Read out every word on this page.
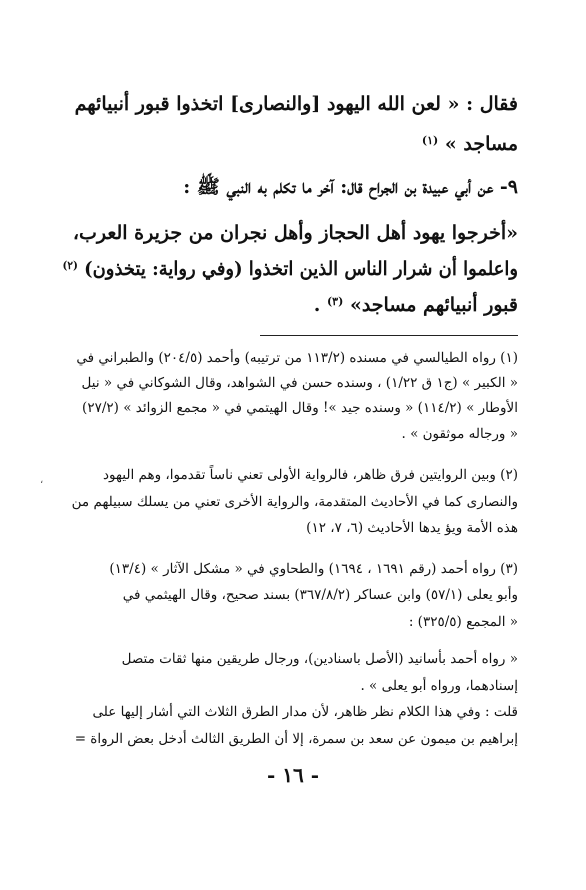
فقال : « لعن الله اليهود [والنصارى] اتخذوا قبور أنبيائهم
مساجد » $^{(١)}$
٩- عن أبي عبيدة بن الجراح قال: آخر ما تكلم به النبي ﷺ :
«أخرجوا يهود أهل الحجاز وأهل نجران من جزيرة العرب،
واعلموا أن شرار الناس الذين اتخذوا (وفي رواية: يتخذون) $^{(٢)}$
قبور أنبيائهم مساجد» $^{(٣)}$ .
(١) رواه الطيالسي في مسنده (١١٣/٢ من ترتيبه) وأحمد (٢٠٤/٥) والطبراني في
« الكبير » (ج١ ق ١/٢٢) ، وسنده حسن في الشواهد، وقال الشوكاني في « نيل
الأوطار » (١١٤/٢) « وسنده جيد »! وقال الهيتمي في « مجمع الزوائد » (٢٧/٢)
« ورجاله موثقون » .
(٢) وبين الروايتين فرق ظاهر، فالرواية الأولى تعني ناساً تقدموا، وهم اليهود
والنصارى كما في الأحاديث المتقدمة، والرواية الأخرى تعني من يسلك سبيلهم من
هذه الأمة ويؤ يدها الأحاديث (٦، ٧، ١٢)
(٣) رواه أحمد (رقم ١٦٩١ ، ١٦٩٤) والطحاوي في « مشكل الآثار » (١٣/٤)
وأبو يعلى (٥٧/١) وابن عساكر (٣٦٧/٨/٢) بسند صحيح، وقال الهيثمي في
« المجمع (٣٢٥/٥) :
« رواه أحمد بأسانيد (الأصل باسنادين)، ورجال طريقين منها ثقات متصل
إسنادهما، ورواه أبو يعلى » .
قلت : وفي هذا الكلام نظر ظاهر، لأن مدار الطرق الثلاث التي أشار إليها على
إبراهيم بن ميمون عن سعد بن سمرة، إلا أن الطريق الثالث أدخل بعض الرواة =
- ١٦ -
،
